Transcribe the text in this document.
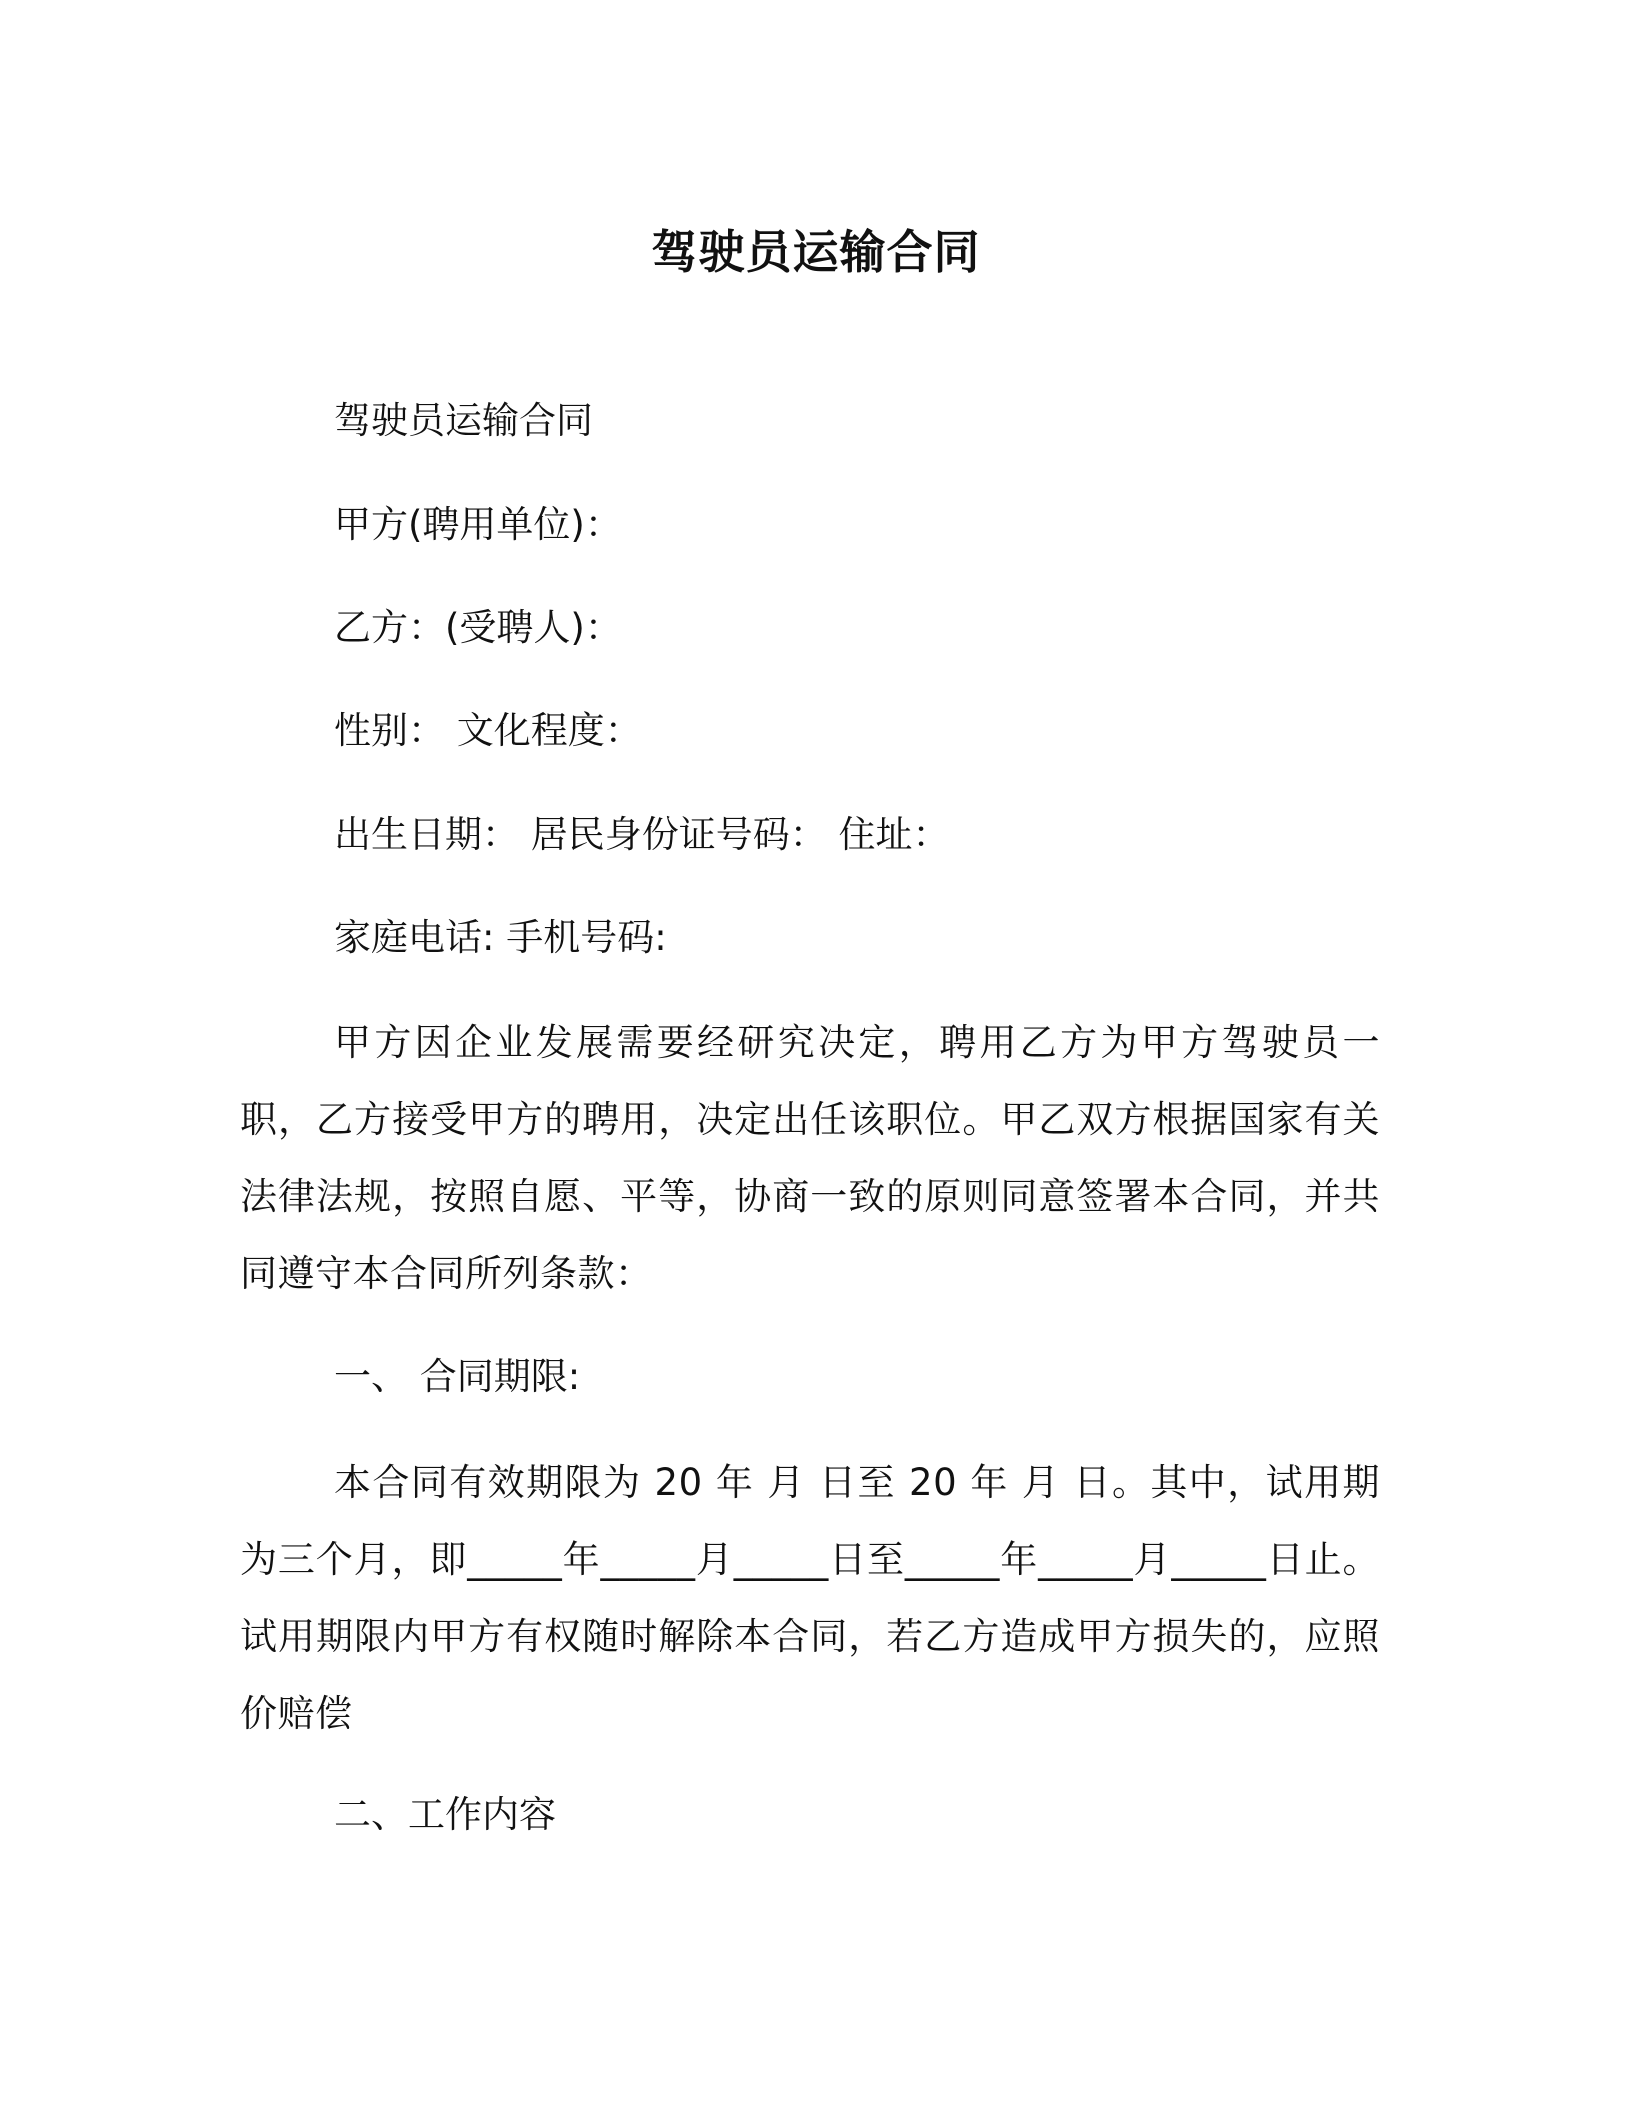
驾驶员运输合同
驾驶员运输合同
甲方(聘用单位)：
乙方：(受聘人)：
性别： 文化程度：
出生日期： 居民身份证号码： 住址：
家庭电话: 手机号码:
甲方因企业发展需要经研究决定，聘用乙方为甲方驾驶员一职，乙方接受甲方的聘用，决定出任该职位。甲乙双方根据国家有关法律法规，按照自愿、平等，协商一致的原则同意签署本合同，并共同遵守本合同所列条款：
一、 合同期限:
本合同有效期限为 20 年 月 日至 20 年 月 日。其中，试用期为三个月，即_____年_____月_____日至_____年_____月_____日止。试用期限内甲方有权随时解除本合同，若乙方造成甲方损失的，应照价赔偿
二、工作内容
